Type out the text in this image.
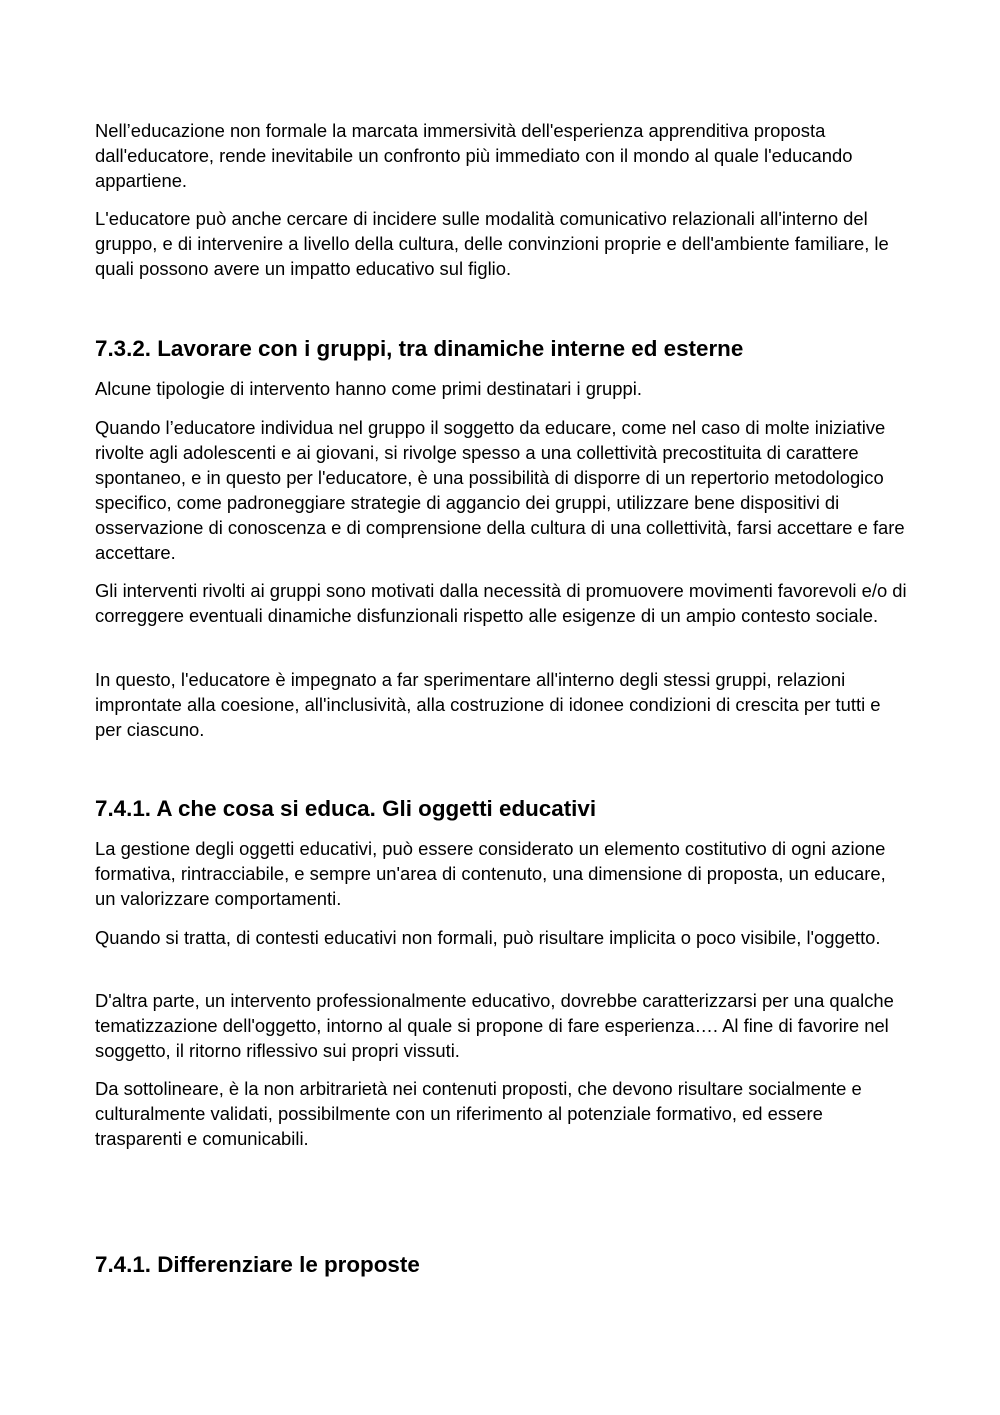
Nell’educazione non formale la marcata immersività dell'esperienza apprenditiva proposta dall'educatore, rende inevitabile un confronto più immediato con il mondo al quale l'educando appartiene.

L'educatore può anche cercare di incidere sulle modalità comunicativo relazionali all'interno del gruppo, e di intervenire a livello della cultura, delle convinzioni proprie e dell'ambiente familiare, le quali possono avere un impatto educativo sul figlio.

7.3.2. Lavorare con i gruppi, tra dinamiche interne ed esterne

Alcune tipologie di intervento hanno come primi destinatari i gruppi.

Quando l’educatore individua nel gruppo il soggetto da educare, come nel caso di molte iniziative rivolte agli adolescenti e ai giovani, si rivolge spesso a una collettività precostituita di carattere spontaneo, e in questo per l'educatore, è una possibilità di disporre di un repertorio metodologico specifico, come padroneggiare strategie di aggancio dei gruppi, utilizzare bene dispositivi di osservazione di conoscenza e di comprensione della cultura di una collettività, farsi accettare e fare accettare.

Gli interventi rivolti ai gruppi sono motivati dalla necessità di promuovere movimenti favorevoli e/o di correggere eventuali dinamiche disfunzionali rispetto alle esigenze di un ampio contesto sociale.

In questo, l'educatore è impegnato a far sperimentare all'interno degli stessi gruppi, relazioni improntate alla coesione, all'inclusività, alla costruzione di idonee condizioni di crescita per tutti e per ciascuno.

7.4.1. A che cosa si educa. Gli oggetti educativi

La gestione degli oggetti educativi, può essere considerato un elemento costitutivo di ogni azione formativa, rintracciabile, e sempre un'area di contenuto, una dimensione di proposta, un educare, un valorizzare comportamenti.

Quando si tratta, di contesti educativi non formali, può risultare implicita o poco visibile, l'oggetto.

D'altra parte, un intervento professionalmente educativo, dovrebbe caratterizzarsi per una qualche tematizzazione dell'oggetto, intorno al quale si propone di fare esperienza…. Al fine di favorire nel soggetto, il ritorno riflessivo sui propri vissuti.

Da sottolineare, è la non arbitrarietà nei contenuti proposti, che devono risultare socialmente e culturalmente validati, possibilmente con un riferimento al potenziale formativo, ed essere trasparenti e comunicabili.

7.4.1. Differenziare le proposte
